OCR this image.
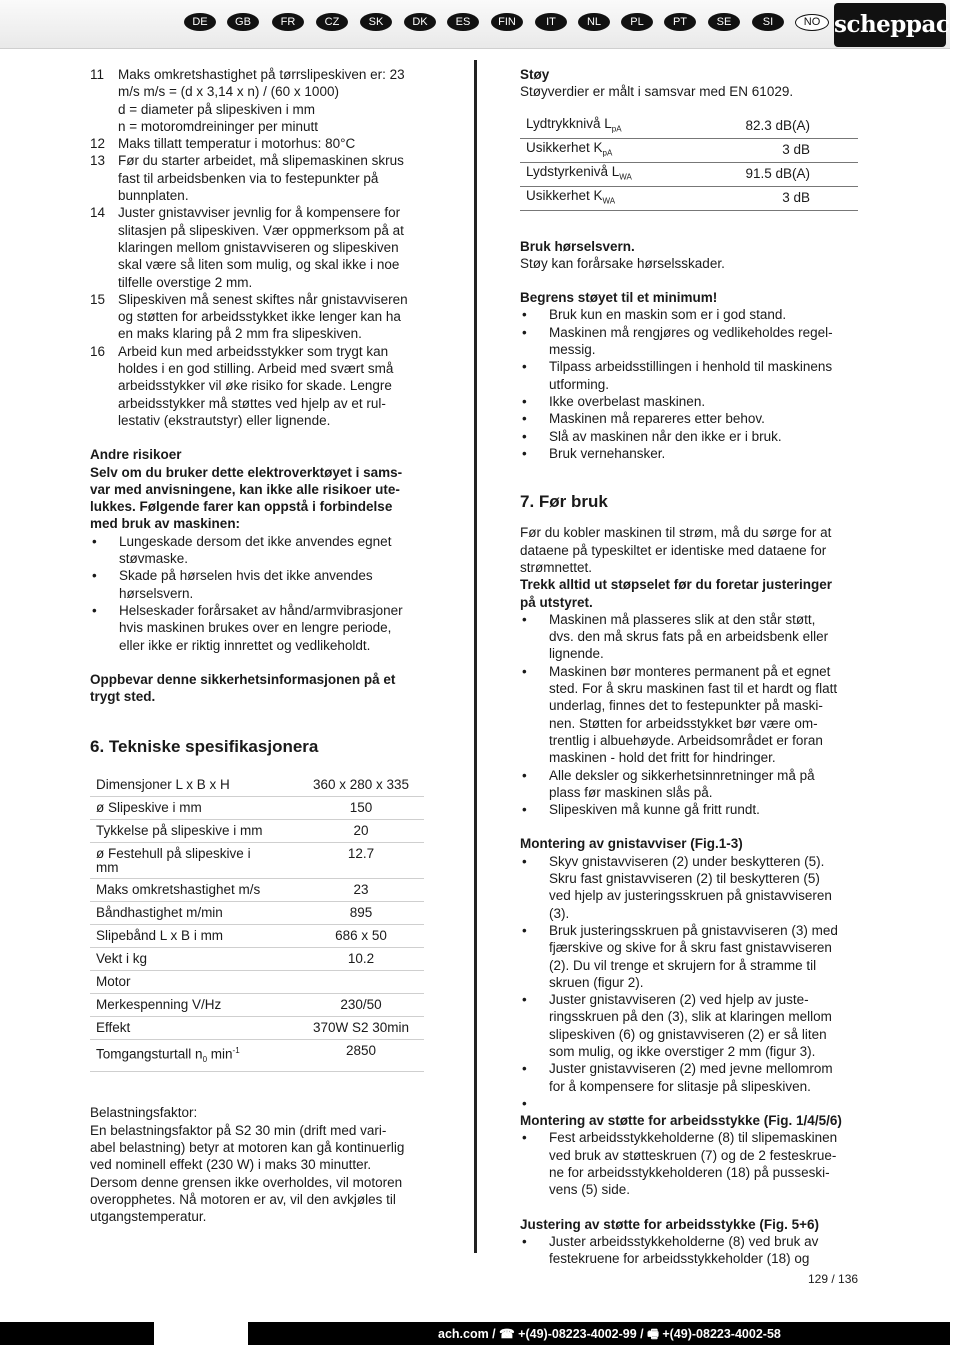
DE	GB	FR	CZ	SK	DK	ES	FIN	IT	NL	PL	PT	SE	SI	NO scheppach
11	Maks omkretshastighet på tørrslipeskiven er: 23
m/s m/s = (d x 3,14 x n) / (60 x 1000)
d = diameter på slipeskiven i mm
n = motoromdreininger per minutt
12 Maks tillatt temperatur i motorhus: 80°C
13 Før du starter arbeidet, må slipemaskinen skrus
fast til arbeidsbenken via to festepunkter på
bunnplaten.
14 Juster gnistavviser jevnlig for å kompensere for
slitasjen på slipeskiven. Vær oppmerksom på at
klaringen mellom gnistavviseren og slipeskiven
skal være så liten som mulig, og skal ikke i noe
tilfelle overstige 2 mm.
15 Slipeskiven må senest skiftes når gnistavviseren
og støtten for arbeidsstykket ikke lenger kan ha
en maks klaring på 2 mm fra slipeskiven.
16 Arbeid kun med arbeidsstykker som trygt kan
holdes i en god stilling. Arbeid med svært små
arbeidsstykker vil øke risiko for skade. Lengre
arbeidsstykker må støttes ved hjelp av et rul-
lestativ (ekstrautstyr) eller lignende.
Andre risikoer
Selv om du bruker dette elektroverktøyet i sams-
var med anvisningene, kan ikke alle risikoer ute-
lukkes. Følgende farer kan oppstå i forbindelse
med bruk av maskinen:
•	Lungeskade dersom det ikke anvendes egnet
støvmaske.
•	Skade på hørselen hvis det ikke anvendes
hørselsvern.
•	Helseskader forårsaket av hånd/armvibrasjoner
hvis maskinen brukes over en lengre periode,
eller ikke er riktig innrettet og vedlikeholdt.
Oppbevar denne sikkerhetsinformasjonen på et
trygt sted.
6. Tekniske spesifikasjonera
Dimensjoner L x B x H	360 x 280 x 335
ø Slipeskive i mm	150
Tykkelse på slipeskive i mm	20
ø Festehull på slipeskive i
mm	12.7
Maks omkretshastighet m/s	23
Båndhastighet m/min	895
Slipebånd L x B i mm	686 x 50
Vekt i kg	10.2
Motor	
Merkespenning V/Hz	230/50
Effekt	370W S2 30min
Tomgangsturtall $n_0$ $\min^{-1}$	2850
Belastningsfaktor:
En belastningsfaktor på S2 30 min (drift med vari-
abel belastning) betyr at motoren kan gå kontinuerlig
ved nominell effekt (230 W) i maks 30 minutter.
Dersom denne grensen ikke overholdes, vil motoren
overopphetes. Nå motoren er av, vil den avkjøles til
utgangstemperatur.
Støy
Støyverdier er målt i samsvar med EN 61029.
Lydtrykknivå $L_{pA}$	82.3 dB(A)
Usikkerhet $K_{pA}$	3 dB
Lydstyrkenivå $L_{WA}$	91.5 dB(A)
Usikkerhet $K_{WA}$	3 dB
Bruk hørselsvern.
Støy kan forårsake hørselsskader.
Begrens støyet til et minimum!
•	Bruk kun en maskin som er i god stand.
•	Maskinen må rengjøres og vedlikeholdes regel-
messig.
•	Tilpass arbeidsstillingen i henhold til maskinens
utforming.
•	Ikke overbelast maskinen.
•	Maskinen må repareres etter behov.
•	Slå av maskinen når den ikke er i bruk.
•	Bruk vernehansker.
7. Før bruk
Før du kobler maskinen til strøm, må du sørge for at
dataene på typeskiltet er identiske med dataene for
strømnettet.
Trekk alltid ut støpselet før du foretar justeringer
på utstyret.
•	Maskinen må plasseres slik at den står støtt,
dvs. den må skrus fats på en arbeidsbenk eller
lignende.
•	Maskinen bør monteres permanent på et egnet
sted. For å skru maskinen fast til et hardt og flatt
underlag, finnes det to festepunkter på maski-
nen. Støtten for arbeidsstykket bør være om-
trentlig i albuehøyde. Arbeidsområdet er foran
maskinen - hold det fritt for hindringer.
•	Alle deksler og sikkerhetsinnretninger må på
plass før maskinen slås på.
•	Slipeskiven må kunne gå fritt rundt.
Montering av gnistavviser (Fig.1-3)
•	Skyv gnistavviseren (2) under beskytteren (5).
Skru fast gnistavviseren (2) til beskytteren (5)
ved hjelp av justeringsskruen på gnistavviseren
(3).
•	Bruk justeringsskruen på gnistavviseren (3) med
fjærskive og skive for å skru fast gnistavviseren
(2). Du vil trenge et skrujern for å stramme til
skruen (figur 2).
•	Juster gnistavviseren (2) ved hjelp av juste-
ringsskruen på den (3), slik at klaringen mellom
slipeskiven (6) og gnistavviseren (2) er så liten
som mulig, og ikke overstiger 2 mm (figur 3).
•	Juster gnistavviseren (2) med jevne mellomrom
for å kompensere for slitasje på slipeskiven.
•
Montering av støtte for arbeidsstykke (Fig. 1/4/5/6)
•	Fest arbeidsstykkeholderne (8) til slipemaskinen
ved bruk av støtteskruen (7) og de 2 festeskrue-
ne for arbeidsstykkeholderen (18) på pusseski-
vens (5) side.
Justering av støtte for arbeidsstykke (Fig. 5+6)
•	Juster arbeidsstykkeholderne (8) ved bruk av
festekruene for arbeidsstykkeholder (18) og
129 / 136
ach.com / ☎ +(49)-08223-4002-99 / 🖷 +(49)-08223-4002-58
